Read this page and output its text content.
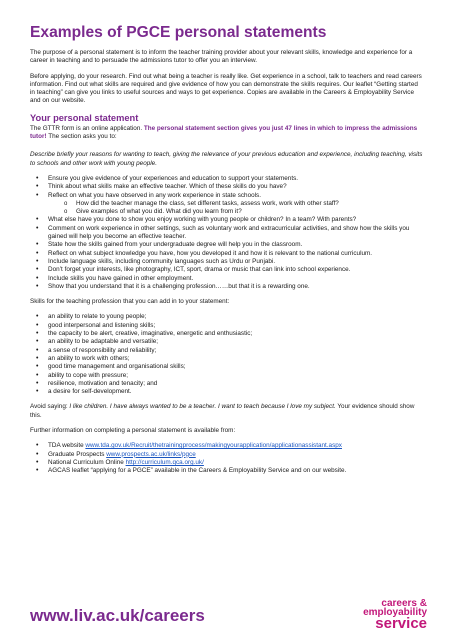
Examples of PGCE personal statements

The purpose of a personal statement is to inform the teacher training provider about your relevant skills, knowledge and experience for a career in teaching and to persuade the admissions tutor to offer you an interview.

Before applying, do your research. Find out what being a teacher is really like. Get experience in a school, talk to teachers and read careers information. Find out what skills are required and give evidence of how you can demonstrate the skills requires. Our leaflet “Getting started in teaching” can give you links to useful sources and ways to get experience. Copies are available in the Careers & Employability Service and on our website.

Your personal statement

The GTTR form is an online application. The personal statement section gives you just 47 lines in which to impress the admissions tutor! The section asks you to:

Describe briefly your reasons for wanting to teach, giving the relevance of your previous education and experience, including teaching, visits to schools and other work with young people.

• Ensure you give evidence of your experiences and education to support your statements.
• Think about what skills make an effective teacher. Which of these skills do you have?
• Reflect on what you have observed in any work experience in state schools.
o How did the teacher manage the class, set different tasks, assess work, work with other staff?
o Give examples of what you did. What did you learn from it?
• What else have you done to show you enjoy working with young people or children? In a team? With parents?
• Comment on work experience in other settings, such as voluntary work and extracurricular activities, and show how the skills you gained will help you become an effective teacher.
• State how the skills gained from your undergraduate degree will help you in the classroom.
• Reflect on what subject knowledge you have, how you developed it and how it is relevant to the national curriculum.
• Include language skills, including community languages such as Urdu or Punjabi.
• Don’t forget your interests, like photography, ICT, sport, drama or music that can link into school experience.
• Include skills you have gained in other employment.
• Show that you understand that it is a challenging profession……but that it is a rewarding one.

Skills for the teaching profession that you can add in to your statement:

• an ability to relate to young people;
• good interpersonal and listening skills;
• the capacity to be alert, creative, imaginative, energetic and enthusiastic;
• an ability to be adaptable and versatile;
• a sense of responsibility and reliability;
• an ability to work with others;
• good time management and organisational skills;
• ability to cope with pressure;
• resilience, motivation and tenacity; and
• a desire for self-development.

Avoid saying: I like children. I have always wanted to be a teacher. I want to teach because I love my subject. Your evidence should show this.

Further information on completing a personal statement is available from:

• TDA website www.tda.gov.uk/Recruit/thetrainingprocess/makingyourapplication/applicationassistant.aspx
• Graduate Prospects www.prospects.ac.uk/links/pgce
• National Curriculum Online http://curriculum.qca.org.uk/
• AGCAS leaflet “applying for a PGCE” available in the Careers & Employability Service and on our website.
www.liv.ac.uk/careers
careers &
employability
service
